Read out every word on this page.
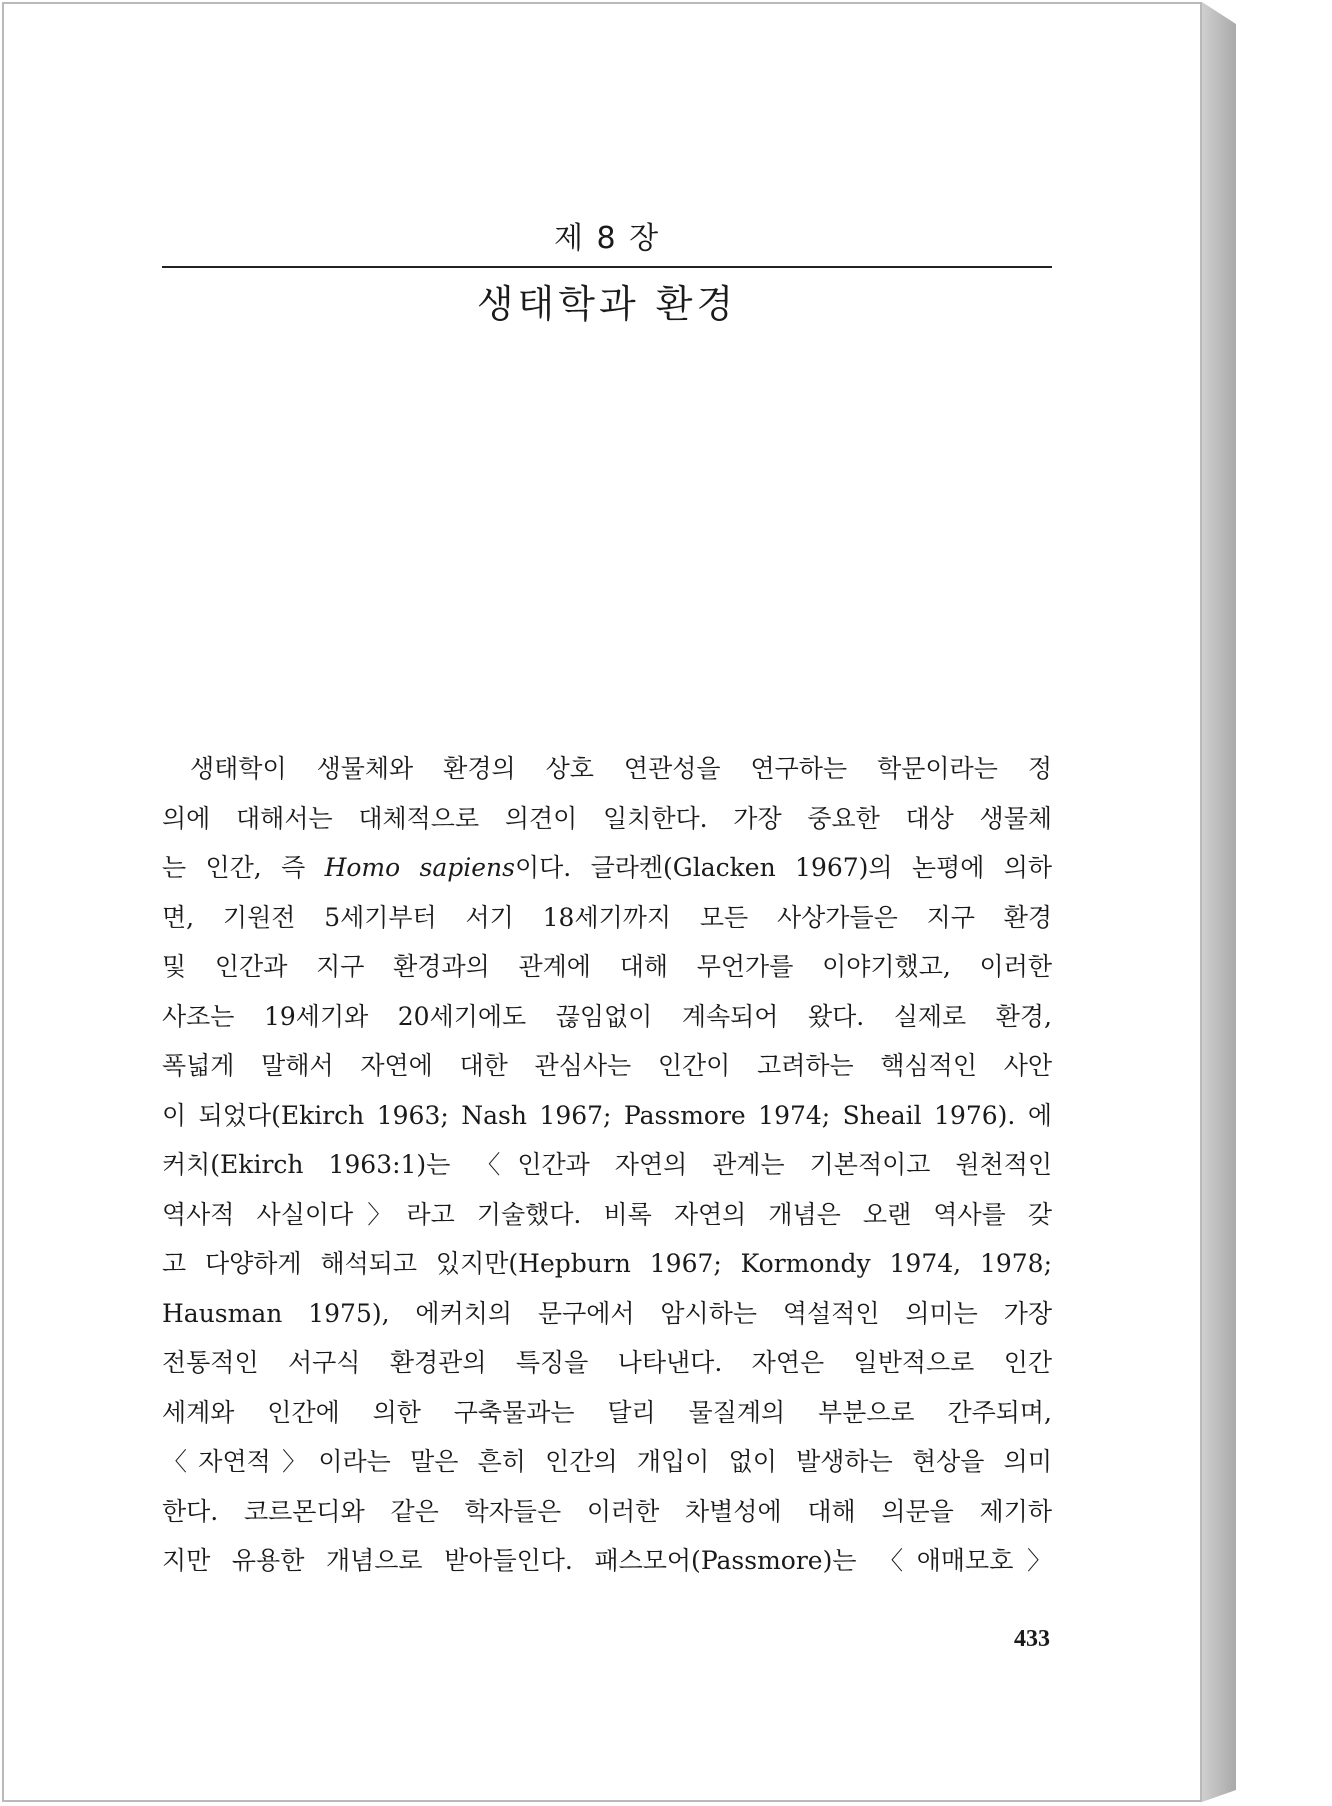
제 8 장
생태학과 환경
생태학이 생물체와 환경의 상호 연관성을 연구하는 학문이라는 정
의에 대해서는 대체적으로 의견이 일치한다. 가장 중요한 대상 생물체
는 인간, 즉 Homo sapiens이다. 글라켄(Glacken 1967)의 논평에 의하
면, 기원전 5세기부터 서기 18세기까지 모든 사상가들은 지구 환경
및 인간과 지구 환경과의 관계에 대해 무언가를 이야기했고, 이러한
사조는 19세기와 20세기에도 끊임없이 계속되어 왔다. 실제로 환경,
폭넓게 말해서 자연에 대한 관심사는 인간이 고려하는 핵심적인 사안
이 되었다(Ekirch 1963; Nash 1967; Passmore 1974; Sheail 1976). 에
커치(Ekirch 1963:1)는 〈인간과 자연의 관계는 기본적이고 원천적인
역사적 사실이다〉라고 기술했다. 비록 자연의 개념은 오랜 역사를 갖
고 다양하게 해석되고 있지만(Hepburn 1967; Kormondy 1974, 1978;
Hausman 1975), 에커치의 문구에서 암시하는 역설적인 의미는 가장
전통적인 서구식 환경관의 특징을 나타낸다. 자연은 일반적으로 인간
세계와 인간에 의한 구축물과는 달리 물질계의 부분으로 간주되며,
〈자연적〉이라는 말은 흔히 인간의 개입이 없이 발생하는 현상을 의미
한다. 코르몬디와 같은 학자들은 이러한 차별성에 대해 의문을 제기하
지만 유용한 개념으로 받아들인다. 패스모어(Passmore)는 〈애매모호〉
433
